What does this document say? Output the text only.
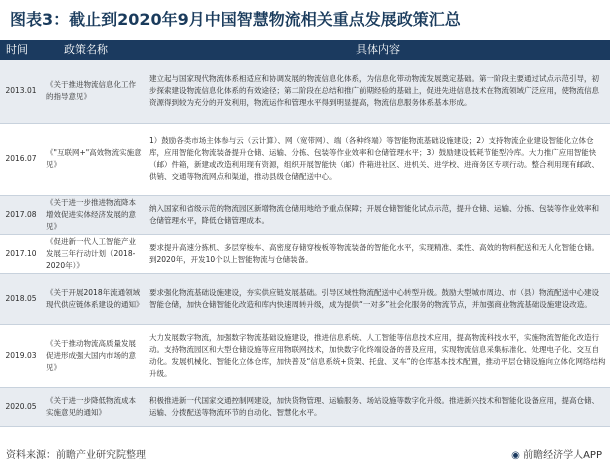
图表3：截止到2020年9月中国智慧物流相关重点发展政策汇总
时间	政策名称	具体内容
2013.01	《关于推进物流信息化工作的指导意见》	建立起与国家现代物流体系相适应和协调发展的物流信息化体系，为信息化带动物流发展奠定基础。第一阶段主要通过试点示范引导，初步探索建设物流信息化体系的有效途径；第二阶段在总结和推广前期经验的基础上，促进先进信息技术在物流领域广泛应用，使物流信息资源得到较为充分的开发利用，物流运作和管理水平得到明显提高，物流信息服务体系基本形成。
2016.07	《"互联网+"高效物流实施意见》	1）鼓励各类市场主体参与云（云计算）、网（宽带网）、端（各种终端）等智能物流基础设施建设；2）支持物流企业建设智能化立体仓库，应用智能化物流装备提升仓储、运输、分拣、包装等作业效率和仓储管理水平；3）鼓励建设低耗节能型冷库。大力推广应用智能快（邮）件箱，新建或改造利用现有资源，组织开展智能快（邮）件箱进社区、进机关、进学校、进商务区专项行动。整合利用现有邮政、供销、交通等物流网点和渠道，推动县级仓储配送中心。
2017.08	《关于进一步推进物流降本增效促进实体经济发展的意见》	纳入国家和省级示范的物流园区新增物流仓储用地给予重点保障；开展仓储智能化试点示范，提升仓储、运输、分拣、包装等作业效率和仓储管理水平，降低仓储管理成本。
2017.10	《促进新一代人工智能产业发展三年行动计划（2018-2020年）》	要求提升高速分拣机、多层穿梭车、高密度存储穿梭板等物流装备的智能化水平，实现精准、柔性、高效的物料配送和无人化智能仓储。到2020年，开发10个以上智能物流与仓储装备。
2018.05	《关于开展2018年流通领域现代供应链体系建设的通知》	要求强化物流基础设施建设，夯实供应链发展基础。引导区域性物流配送中心转型升级。鼓励大型城市周边、市（县）物流配送中心建设智能仓储，加快仓储智能化改造和库内快速周转升级，成为提供“一对多”社会化服务的物流节点，并加强商业物流基础设施建设改造。
2019.03	《关于推动物流高质量发展促进形成强大国内市场的意见》	大力发展数字物流，加强数字物流基础设施建设，推进信息系统、人工智能等信息技术应用，提高物流科技水平，实施物流智能化改造行动。支持物流园区和大型仓储设施等应用物联网技术，加快数字化终端设备的普及应用，实现物流信息采集标准化、处理电子化、交互自动化。发展机械化、智能化立体仓库，加快普及“信息系统+货架、托盘、叉车”的仓库基本技术配置，推动平层仓储设施向立体化网络结构升级。
2020.05	《关于进一步降低物流成本实施意见的通知》	积极推进新一代国家交通控制网建设，加快货物管理、运输服务、场站设施等数字化升级。推进新兴技术和智能化设备应用，提高仓储、运输、分拨配送等物流环节的自动化、智慧化水平。
资料来源：前瞻产业研究院整理	◉ 前瞻经济学人APP
